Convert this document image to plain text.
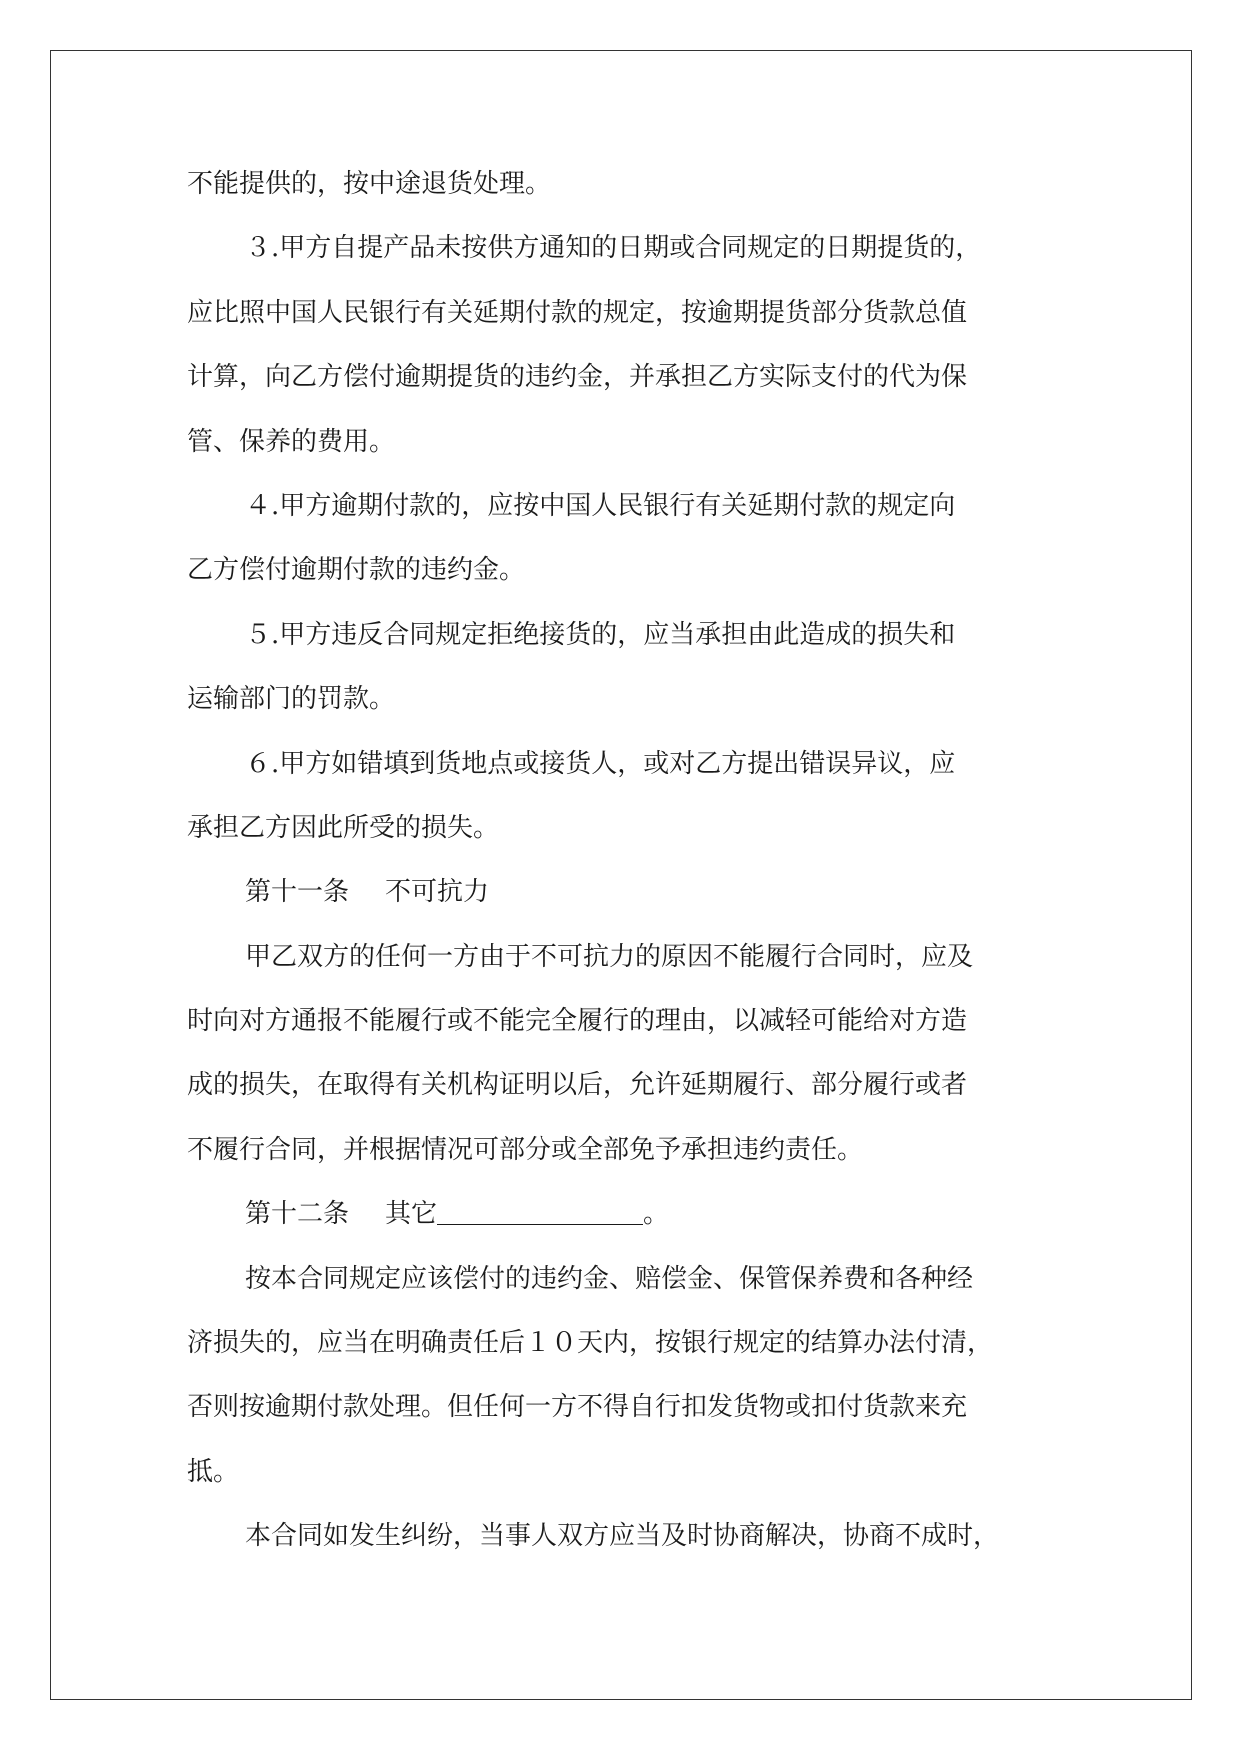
不能提供的，按中途退货处理。
３.甲方自提产品未按供方通知的日期或合同规定的日期提货的，
应比照中国人民银行有关延期付款的规定，按逾期提货部分货款总值
计算，向乙方偿付逾期提货的违约金，并承担乙方实际支付的代为保
管、保养的费用。
４.甲方逾期付款的，应按中国人民银行有关延期付款的规定向
乙方偿付逾期付款的违约金。
５.甲方违反合同规定拒绝接货的，应当承担由此造成的损失和
运输部门的罚款。
６.甲方如错填到货地点或接货人，或对乙方提出错误异议，应
承担乙方因此所受的损失。
第十一条 不可抗力
甲乙双方的任何一方由于不可抗力的原因不能履行合同时，应及
时向对方通报不能履行或不能完全履行的理由，以减轻可能给对方造
成的损失，在取得有关机构证明以后，允许延期履行、部分履行或者
不履行合同，并根据情况可部分或全部免予承担违约责任。
第十二条 其它	。
按本合同规定应该偿付的违约金、赔偿金、保管保养费和各种经
济损失的，应当在明确责任后１０天内，按银行规定的结算办法付清，
否则按逾期付款处理。但任何一方不得自行扣发货物或扣付货款来充
抵。
本合同如发生纠纷，当事人双方应当及时协商解决，协商不成时，
